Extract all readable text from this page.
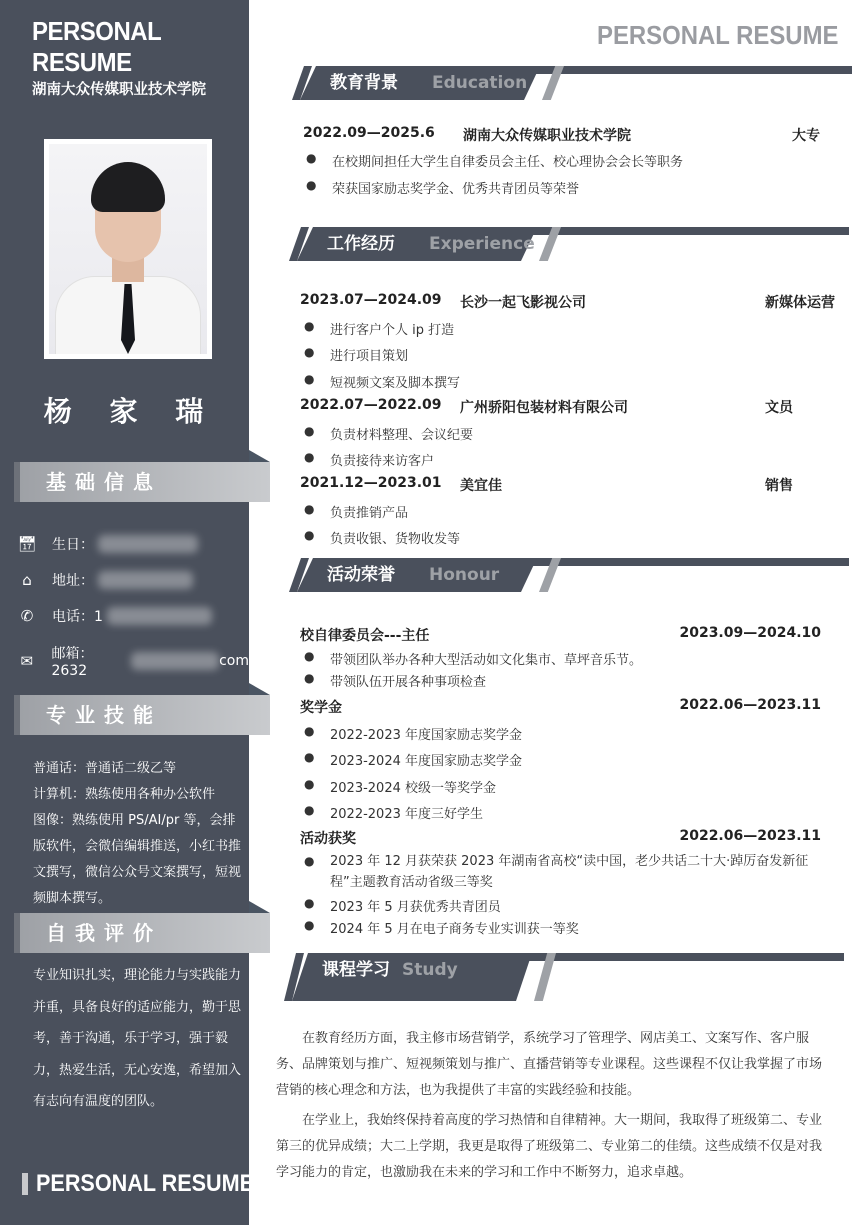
PERSONAL RESUME
湖南大众传媒职业技术学院
杨 家 瑞
基础信息
📅︎ 生日：
⌂	地址：
✆	电话：1
✉	邮箱：2632
com
专业技能

普通话：普通话二级乙等

计算机：熟练使用各种办公软件

图像：熟练使用 PS/AI/pr 等，会排版软件，会微信编辑推送，小红书推文撰写，微信公众号文案撰写，短视频脚本撰写。

自我评价
专业知识扎实，理论能力与实践能力并重，具备良好的适应能力，勤于思考，善于沟通，乐于学习，强于毅力，热爱生活，无心安逸，希望加入有志向有温度的团队。
PERSONAL RESUME
PERSONAL RESUME
教育背景 Education
2022.09—2025.6	湖南大众传媒职业技术学院	大专
●	在校期间担任大学生自律委员会主任、校心理协会会长等职务
●	荣获国家励志奖学金、优秀共青团员等荣誉
工作经历 Experience
2023.07—2024.09	长沙一起飞影视公司	新媒体运营
●	进行客户个人 ip 打造
●	进行项目策划
●	短视频文案及脚本撰写
2022.07—2022.09	广州骄阳包装材料有限公司	文员
●	负责材料整理、会议纪要
●	负责接待来访客户
2021.12—2023.01	美宜佳	销售
●	负责推销产品
●	负责收银、货物收发等
活动荣誉 Honour
校自律委员会---主任	2023.09—2024.10
●	带领团队举办各种大型活动如文化集市、草坪音乐节。
●	带领队伍开展各种事项检查
奖学金	2022.06—2023.11
●	2022-2023 年度国家励志奖学金
●	2023-2024 年度国家励志奖学金
●	2023-2024 校级一等奖学金
●	2022-2023 年度三好学生
活动获奖	2022.06—2023.11
●	2023 年 12 月获荣获 2023 年湖南省高校“读中国，老少共话二十大·踔厉奋发新征程”主题教育活动省级三等奖
●	2023 年 5 月获优秀共青团员
●	2024 年 5 月在电子商务专业实训获一等奖
课程学习 Study
在教育经历方面，我主修市场营销学，系统学习了管理学、网店美工、文案写作、客户服务、品牌策划与推广、短视频策划与推广、直播营销等专业课程。这些课程不仅让我掌握了市场营销的核心理念和方法，也为我提供了丰富的实践经验和技能。
在学业上，我始终保持着高度的学习热情和自律精神。大一期间，我取得了班级第二、专业第三的优异成绩；大二上学期，我更是取得了班级第二、专业第二的佳绩。这些成绩不仅是对我学习能力的肯定，也激励我在未来的学习和工作中不断努力，追求卓越。
